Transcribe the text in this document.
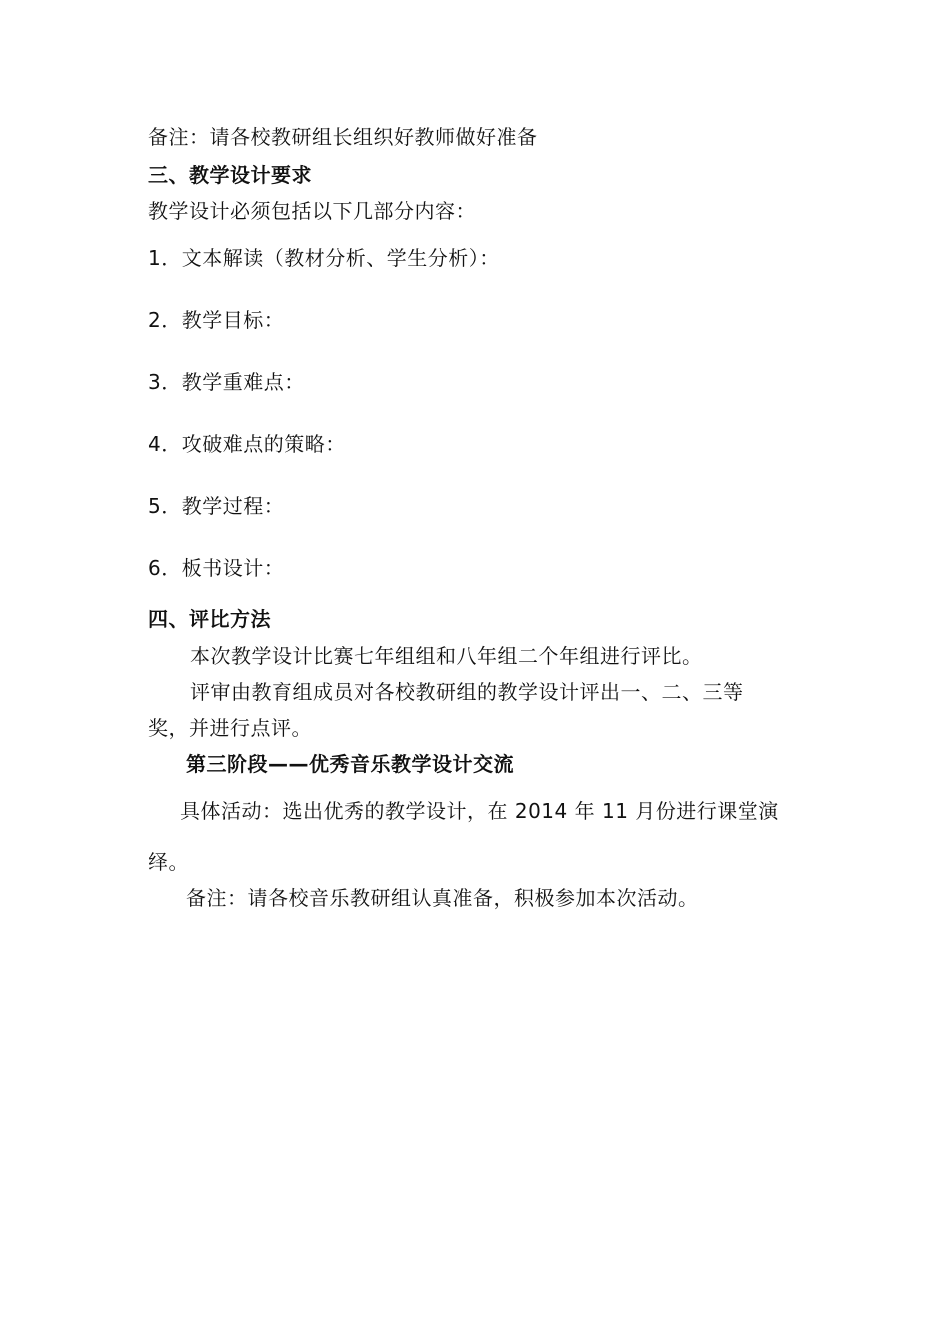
备注：请各校教研组长组织好教师做好准备
三、教学设计要求
教学设计必须包括以下几部分内容：
1．文本解读（教材分析、学生分析）：
2．教学目标：
3．教学重难点：
4．攻破难点的策略：
5．教学过程：
6．板书设计：
四、评比方法
本次教学设计比赛七年组组和八年组二个年组进行评比。
评审由教育组成员对各校教研组的教学设计评出一、二、三等
奖，并进行点评。
第三阶段——优秀音乐教学设计交流
具体活动：选出优秀的教学设计，在 2014 年 11 月份进行课堂演
绎。
备注：请各校音乐教研组认真准备，积极参加本次活动。
